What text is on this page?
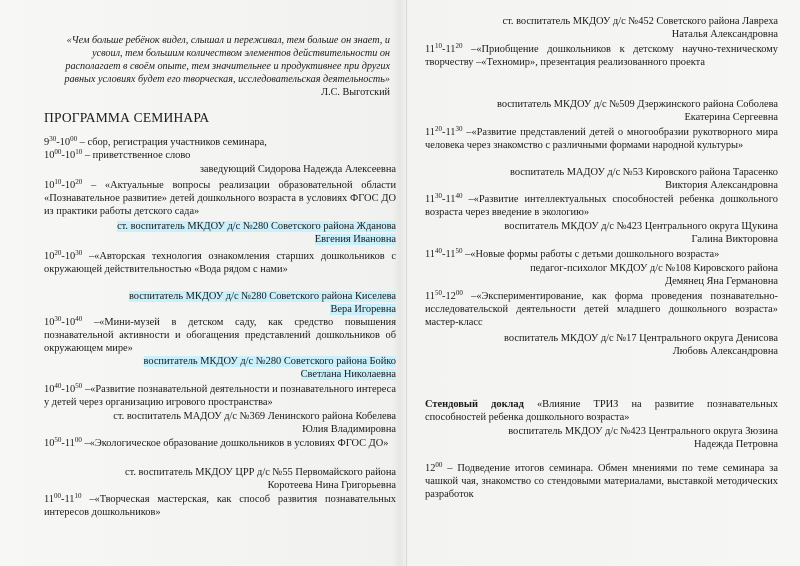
«Чем больше ребёнок видел, слышал и переживал, тем больше он знает, и усвоил, тем большим количеством элементов действительности он располагает в своём опыте, тем значительнее и продуктивнее при других равных условиях будет его творческая, исследовательская деятельность» Л.С. Выготский
ПРОГРАММА СЕМИНАРА

$9^{30}-10^{00}$ – сбор, регистрация участников семинара,

$10^{00}-10^{10}$ – приветственное слово

заведующий Сидорова Надежда Алексеевна

$10^{10}-10^{20}$ – «Актуальные вопросы реализации образовательной области «Познавательное развитие» детей дошкольного возраста в условиях ФГОС ДО из практики работы детского сада»

ст. воспитатель МКДОУ д/с №280 Советского района Жданова
Евгения Ивановна

$10^{20}-10^{30}$ –«Авторская технология ознакомления старших дошкольников с окружающей действительностью «Вода рядом с нами»

воспитатель МКДОУ д/с №280 Советского района Киселева
Вера Игоревна

$10^{30}-10^{40}$ –«Мини-музей в детском саду, как средство повышения познавательной активности и обогащения представлений дошкольников об окружающем мире»

воспитатель МКДОУ д/с №280 Советского района Бойко
Светлана Николаевна

$10^{40}-10^{50}$ –«Развитие познавательной деятельности и познавательного интереса у детей через организацию игрового пространства»

ст. воспитатель МАДОУ д/с №369 Ленинского района Кобелева
Юлия Владимировна

$10^{50}-11^{00}$ –«Экологическое образование дошкольников в условиях ФГОС ДО»

ст. воспитатель МКДОУ ЦРР д/с №55 Первомайского района
Коротеева Нина Григорьевна

$11^{00}-11^{10}$ –«Творческая мастерская, как способ развития познавательных интересов дошкольников»

ст. воспитатель МКДОУ д/с №452 Советского района Лавреха
Наталья Александровна

$11^{10}-11^{20}$ –«Приобщение дошкольников к детскому научно-техническому творчеству –«Техномир», презентация реализованного проекта

воспитатель МКДОУ д/с №509 Дзержинского района Соболева
Екатерина Сергеевна

$11^{20}-11^{30}$ –«Развитие представлений детей о многообразии рукотворного мира человека через знакомство с различными формами народной культуры»

воспитатель МАДОУ д/с №53 Кировского района Тарасенко
Виктория Александровна

$11^{30}-11^{40}$ –«Развитие интеллектуальных способностей ребенка дошкольного возраста через введение в экологию»

воспитатель МКДОУ д/с №423 Центрального округа Щукина
Галина Викторовна

$11^{40}-11^{50}$ –«Новые формы работы с детьми дошкольного возраста»

педагог-психолог МКДОУ д/с №108 Кировского района
Демянец Яна Германовна

$11^{50}-12^{00}$ –«Экспериментирование, как форма проведения познавательно-исследовательской деятельности детей младшего дошкольного возраста» мастер-класс

воспитатель МКДОУ д/с №17 Центрального округа Денисова
Любовь Александровна

Стендовый доклад «Влияние ТРИЗ на развитие познавательных способностей ребенка дошкольного возраста»

воспитатель МКДОУ д/с №423 Центрального округа Зюзина
Надежда Петровна

$12^{00}$ – Подведение итогов семинара. Обмен мнениями по теме семинара за чашкой чая, знакомство со стендовыми материалами, выставкой методических разработок
